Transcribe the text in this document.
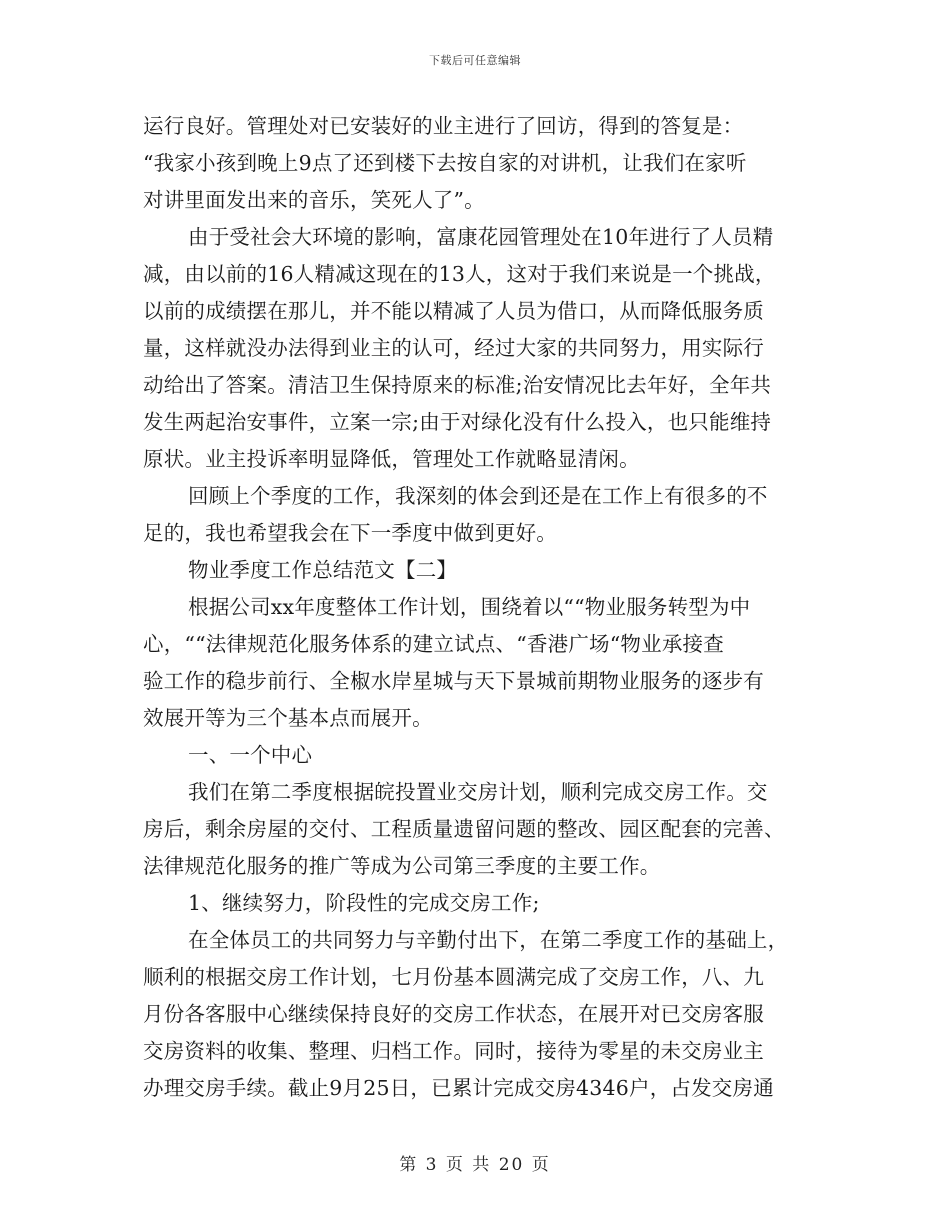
下载后可任意编辑
运行良好。管理处对已安装好的业主进行了回访，得到的答复是：
“我家小孩到晚上9点了还到楼下去按自家的对讲机，让我们在家听
对讲里面发出来的音乐，笑死人了”。
由于受社会大环境的影响，富康花园管理处在10年进行了人员精
减，由以前的16人精减这现在的13人，这对于我们来说是一个挑战，
以前的成绩摆在那儿，并不能以精减了人员为借口，从而降低服务质
量，这样就没办法得到业主的认可，经过大家的共同努力，用实际行
动给出了答案。清洁卫生保持原来的标准;治安情况比去年好，全年共
发生两起治安事件，立案一宗;由于对绿化没有什么投入，也只能维持
原状。业主投诉率明显降低，管理处工作就略显清闲。
回顾上个季度的工作，我深刻的体会到还是在工作上有很多的不
足的，我也希望我会在下一季度中做到更好。
物业季度工作总结范文【二】
根据公司xx年度整体工作计划，围绕着以““物业服务转型为中
心，““法律规范化服务体系的建立试点、“香港广场“物业承接查
验工作的稳步前行、全椒水岸星城与天下景城前期物业服务的逐步有
效展开等为三个基本点而展开。
一、一个中心
我们在第二季度根据皖投置业交房计划，顺利完成交房工作。交
房后，剩余房屋的交付、工程质量遗留问题的整改、园区配套的完善、
法律规范化服务的推广等成为公司第三季度的主要工作。
1、继续努力，阶段性的完成交房工作;
在全体员工的共同努力与辛勤付出下，在第二季度工作的基础上，
顺利的根据交房工作计划，七月份基本圆满完成了交房工作，八、九
月份各客服中心继续保持良好的交房工作状态，在展开对已交房客服
交房资料的收集、整理、归档工作。同时，接待为零星的未交房业主
办理交房手续。截止9月25日，已累计完成交房4346户，占发交房通
第 3 页 共 20 页
